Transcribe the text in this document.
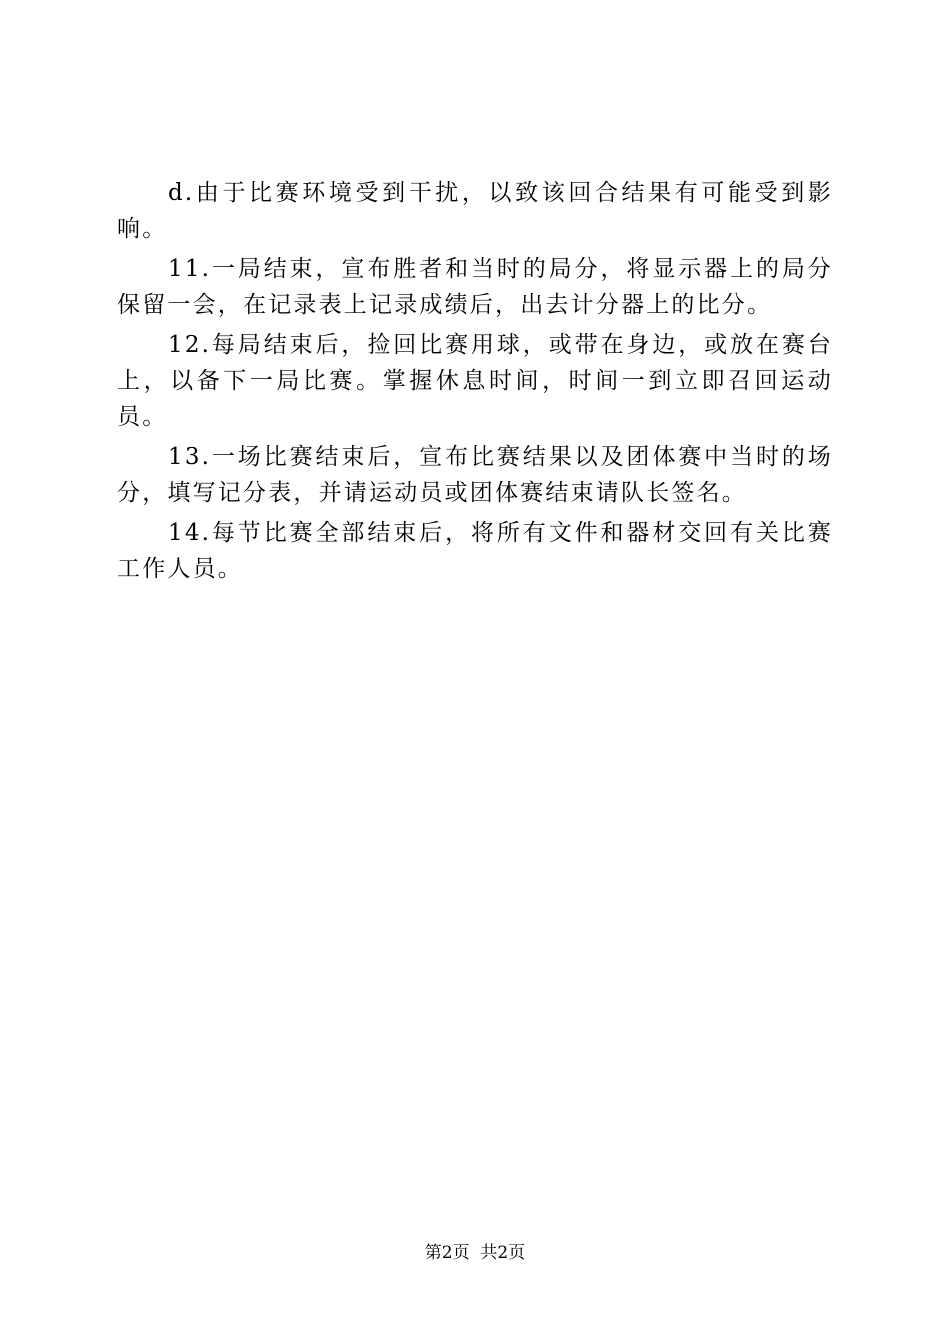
d.由于比赛环境受到干扰，以致该回合结果有可能受到影响。

11.一局结束，宣布胜者和当时的局分，将显示器上的局分保留一会，在记录表上记录成绩后，出去计分器上的比分。

12.每局结束后，捡回比赛用球，或带在身边，或放在赛台上，以备下一局比赛。掌握休息时间，时间一到立即召回运动员。

13.一场比赛结束后，宣布比赛结果以及团体赛中当时的场分，填写记分表，并请运动员或团体赛结束请队长签名。

14.每节比赛全部结束后，将所有文件和器材交回有关比赛工作人员。

第2页  共2页
